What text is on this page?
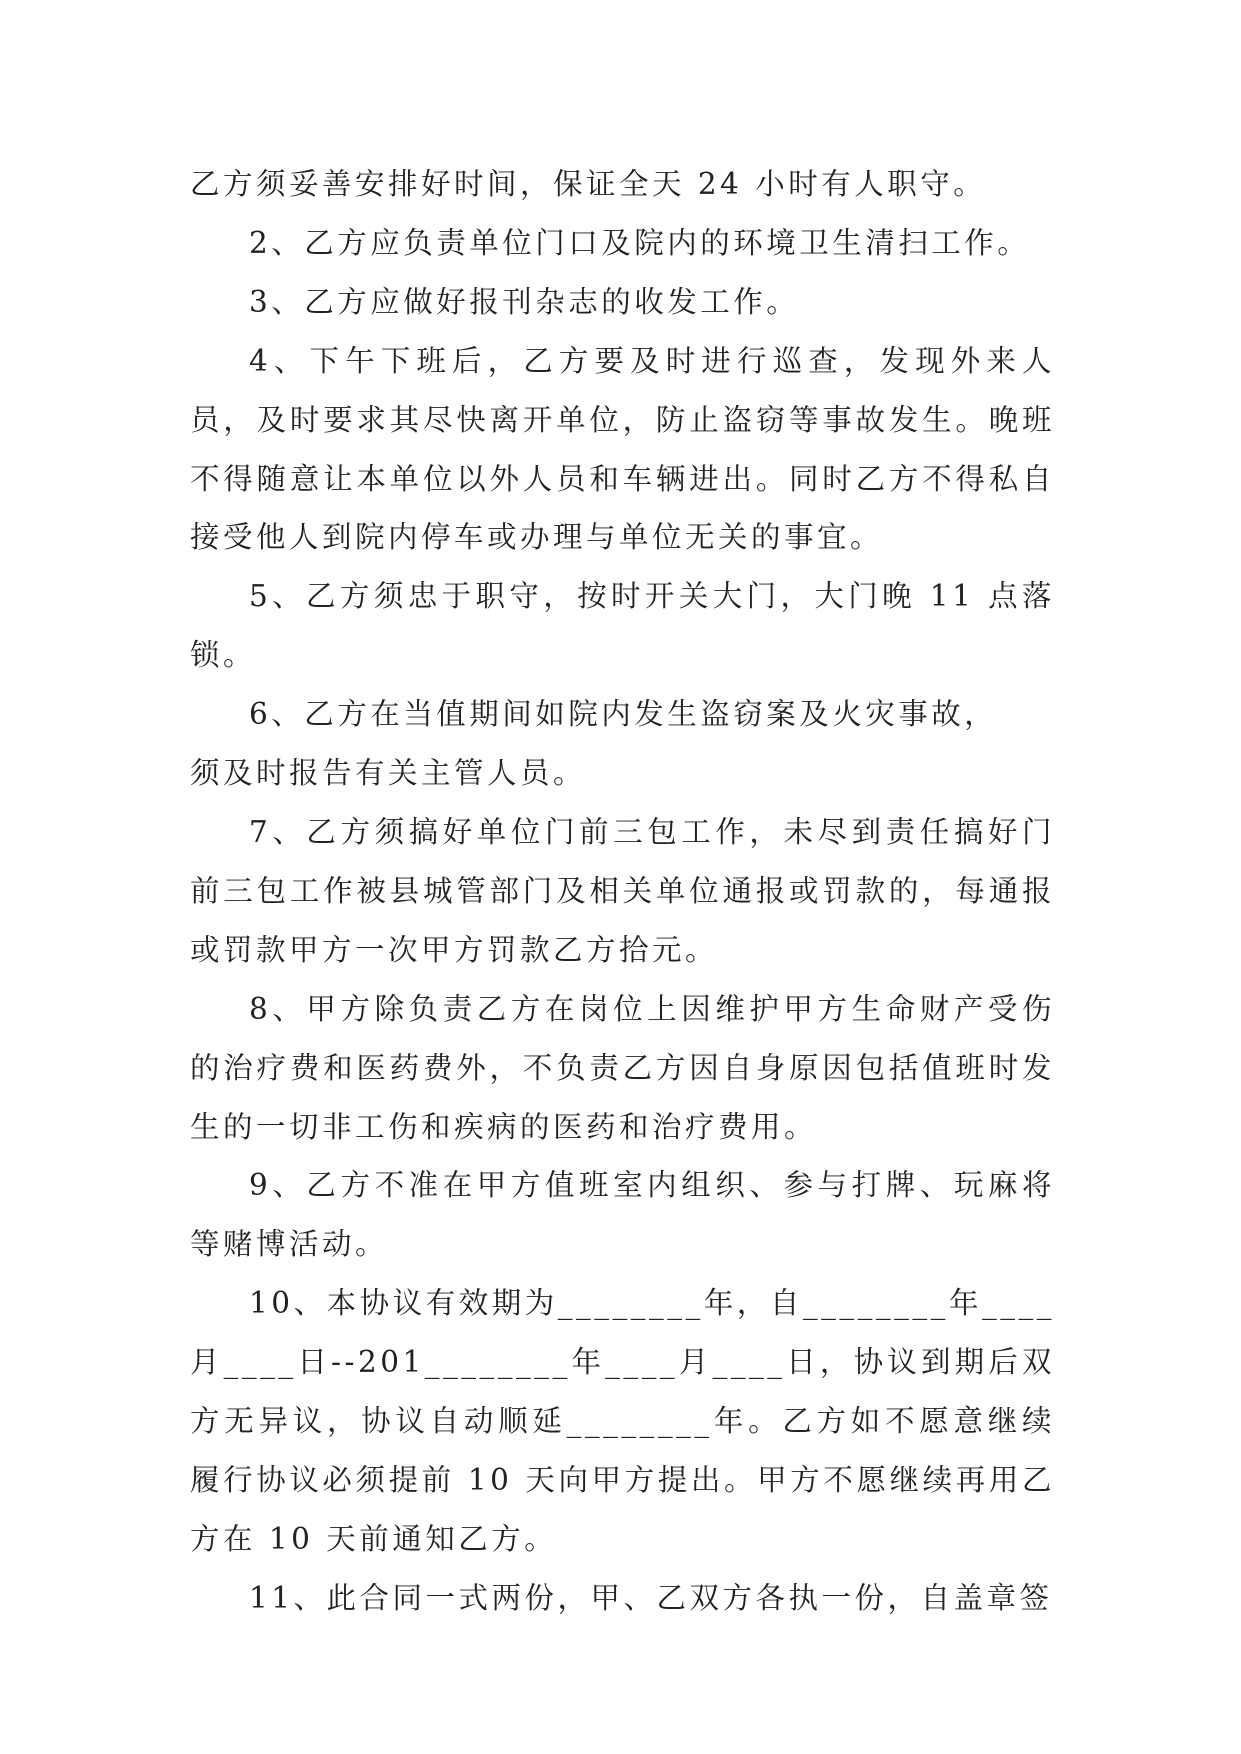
乙方须妥善安排好时间，保证全天 24 小时有人职守。

2、乙方应负责单位门口及院内的环境卫生清扫工作。

3、乙方应做好报刊杂志的收发工作。

4、下午下班后，乙方要及时进行巡查，发现外来人员，及时要求其尽快离开单位，防止盗窃等事故发生。晚班不得随意让本单位以外人员和车辆进出。同时乙方不得私自接受他人到院内停车或办理与单位无关的事宜。

5、乙方须忠于职守，按时开关大门，大门晚 11 点落锁。

6、乙方在当值期间如院内发生盗窃案及火灾事故，

须及时报告有关主管人员。

7、乙方须搞好单位门前三包工作，未尽到责任搞好门前三包工作被县城管部门及相关单位通报或罚款的，每通报或罚款甲方一次甲方罚款乙方拾元。

8、甲方除负责乙方在岗位上因维护甲方生命财产受伤的治疗费和医药费外，不负责乙方因自身原因包括值班时发生的一切非工伤和疾病的医药和治疗费用。

9、乙方不准在甲方值班室内组织、参与打牌、玩麻将等赌博活动。

10、本协议有效期为________年，自________年____月____日--201________年____月____日，协议到期后双方无异议，协议自动顺延________年。乙方如不愿意继续履行协议必须提前 10 天向甲方提出。甲方不愿继续再用乙方在 10 天前通知乙方。

11、此合同一式两份，甲、乙双方各执一份，自盖章签
